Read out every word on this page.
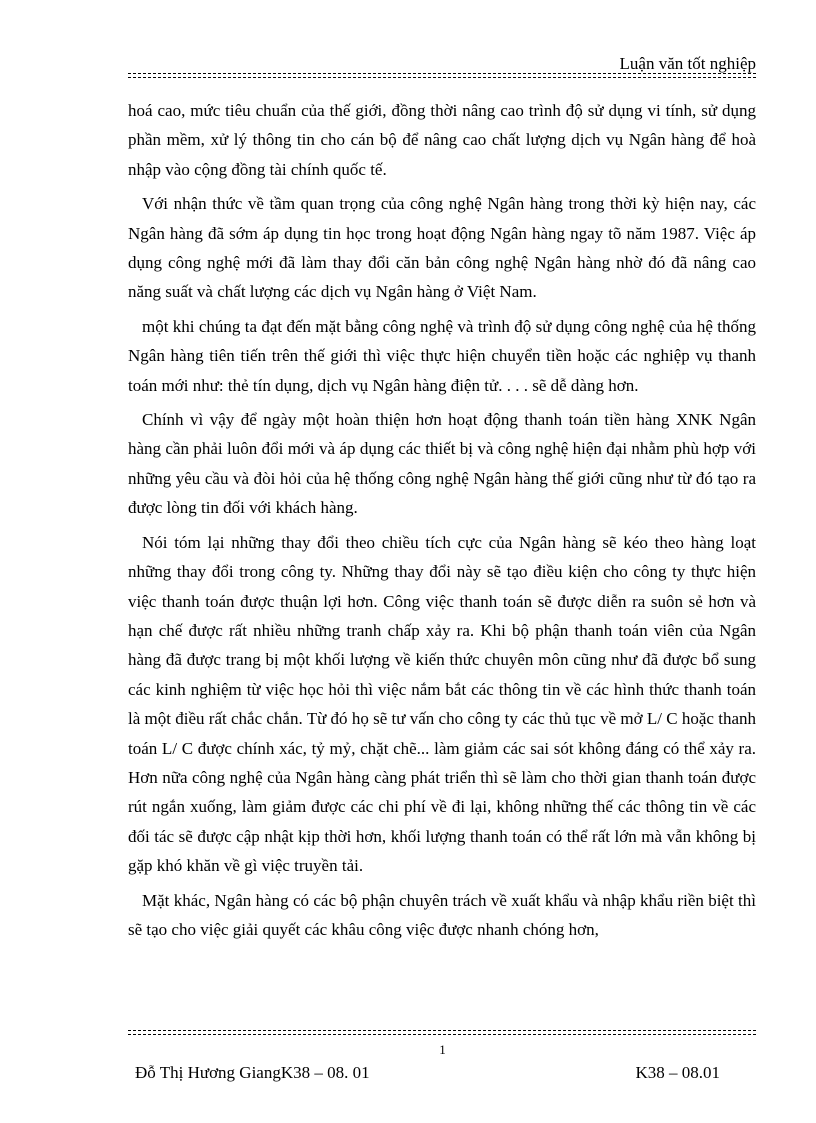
Luận văn tốt nghiệp

hoá cao, mức tiêu chuẩn của thế giới, đồng thời nâng cao trình độ sử dụng vi tính, sử dụng phần mềm, xử lý thông tin cho cán bộ để nâng cao chất lượng dịch vụ Ngân hàng để hoà nhập vào cộng đồng tài chính quốc tế.

Với nhận thức về tầm quan trọng của công nghệ Ngân hàng trong thời kỳ hiện nay, các Ngân hàng đã sớm áp dụng tin học trong hoạt động Ngân hàng ngay tõ năm 1987. Việc áp dụng công nghệ mới đã làm thay đổi căn bản công nghệ Ngân hàng nhờ đó đã nâng cao năng suất và chất lượng các dịch vụ Ngân hàng ở Việt Nam.

một khi chúng ta đạt đến mặt bằng công nghệ và trình độ sử dụng công nghệ của hệ thống Ngân hàng tiên tiến trên thế giới thì việc thực hiện chuyển tiền hoặc các nghiệp vụ thanh toán mới như: thẻ tín dụng, dịch vụ Ngân hàng điện tử. . . . sẽ dễ dàng hơn.

Chính vì vậy để ngày một hoàn thiện hơn hoạt động thanh toán tiền hàng XNK Ngân hàng cần phải luôn đổi mới và áp dụng các thiết bị và công nghệ hiện đại nhằm phù hợp với những yêu cầu và đòi hỏi của hệ thống công nghệ Ngân hàng thế giới cũng như từ đó tạo ra được lòng tin đối với khách hàng.

Nói tóm lại những thay đổi theo chiều tích cực của Ngân hàng sẽ kéo theo hàng loạt những thay đổi trong công ty. Những thay đổi này sẽ tạo điều kiện cho công ty thực hiện việc thanh toán được thuận lợi hơn. Công việc thanh toán sẽ được diễn ra suôn sẻ hơn và hạn chế được rất nhiều những tranh chấp xảy ra. Khi bộ phận thanh toán viên của Ngân hàng đã được trang bị một khối lượng về kiến thức chuyên môn cũng như đã được bổ sung các kinh nghiệm từ việc học hỏi thì việc nắm bắt các thông tin về các hình thức thanh toán là một điều rất chắc chắn. Từ đó họ sẽ tư vấn cho công ty các thủ tục về mở L/ C hoặc thanh toán L/ C được chính xác, tỷ mỷ, chặt chẽ... làm giảm các sai sót không đáng có thể xảy ra. Hơn nữa công nghệ của Ngân hàng càng phát triển thì sẽ làm cho thời gian thanh toán được rút ngắn xuống, làm giảm được các chi phí về đi lại, không những thế các thông tin về các đối tác sẽ được cập nhật kịp thời hơn, khối lượng thanh toán có thể rất lớn mà vẫn không bị gặp khó khăn về gì việc truyền tải.

Mặt khác, Ngân hàng có các bộ phận chuyên trách về xuất khẩu và nhập khẩu riền biệt thì sẽ tạo cho việc giải quyết các khâu công việc được nhanh chóng hơn,

1
Đỗ Thị Hương GiangK38 – 08. 01	K38 – 08.01
